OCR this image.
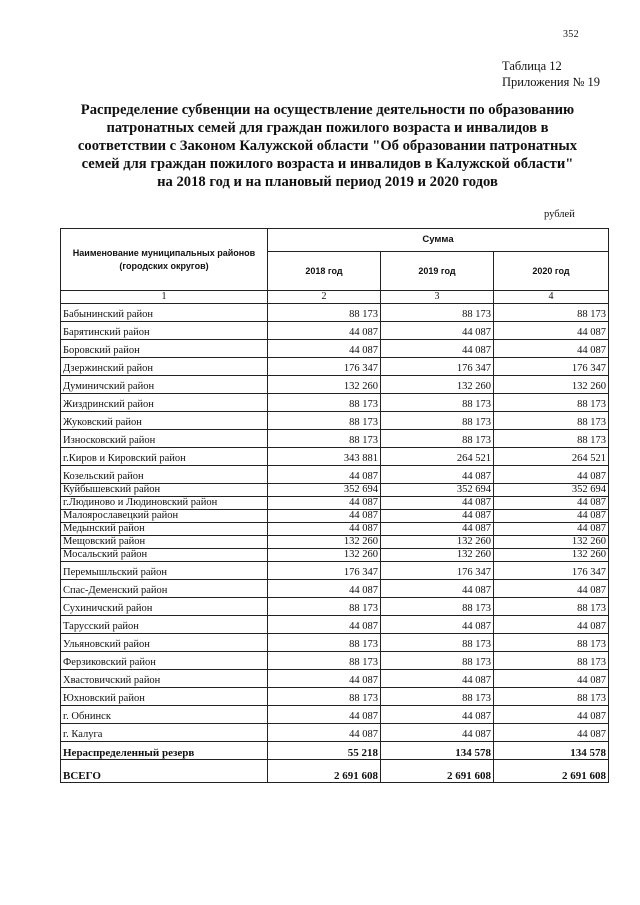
352
Таблица 12
Приложения № 19
Распределение субвенции на осуществление деятельности по образованию
патронатных семей для граждан пожилого возраста и инвалидов в
соответствии с Законом Калужской области "Об образовании патронатных
семей для граждан пожилого возраста и инвалидов в Калужской области"
на 2018 год и на плановый период 2019 и 2020 годов
рублей
Наименование муниципальных районов (городских округов)	Сумма		
	2018 год	2019 год	2020 год
1	2	3	4
Бабынинский район	88 173	88 173	88 173
Барятинский район	44 087	44 087	44 087
Боровский район	44 087	44 087	44 087
Дзержинский район	176 347	176 347	176 347
Думиничский район	132 260	132 260	132 260
Жиздринский район	88 173	88 173	88 173
Жуковский район	88 173	88 173	88 173
Износковский район	88 173	88 173	88 173
г.Киров и Кировский район	343 881	264 521	264 521
Козельский район	44 087	44 087	44 087
Куйбышевский район	352 694	352 694	352 694
г.Людиново и Людиновский район	44 087	44 087	44 087
Малоярославецкий район	44 087	44 087	44 087
Медынский район	44 087	44 087	44 087
Мещовский район	132 260	132 260	132 260
Мосальский район	132 260	132 260	132 260
Перемышльский район	176 347	176 347	176 347
Спас-Деменский район	44 087	44 087	44 087
Сухиничский район	88 173	88 173	88 173
Тарусский район	44 087	44 087	44 087
Ульяновский район	88 173	88 173	88 173
Ферзиковский район	88 173	88 173	88 173
Хвастовичский район	44 087	44 087	44 087
Юхновский район	88 173	88 173	88 173
г. Обнинск	44 087	44 087	44 087
г. Калуга	44 087	44 087	44 087
Нераспределенный резерв	55 218	134 578	134 578
ВСЕГО	2 691 608	2 691 608	2 691 608
